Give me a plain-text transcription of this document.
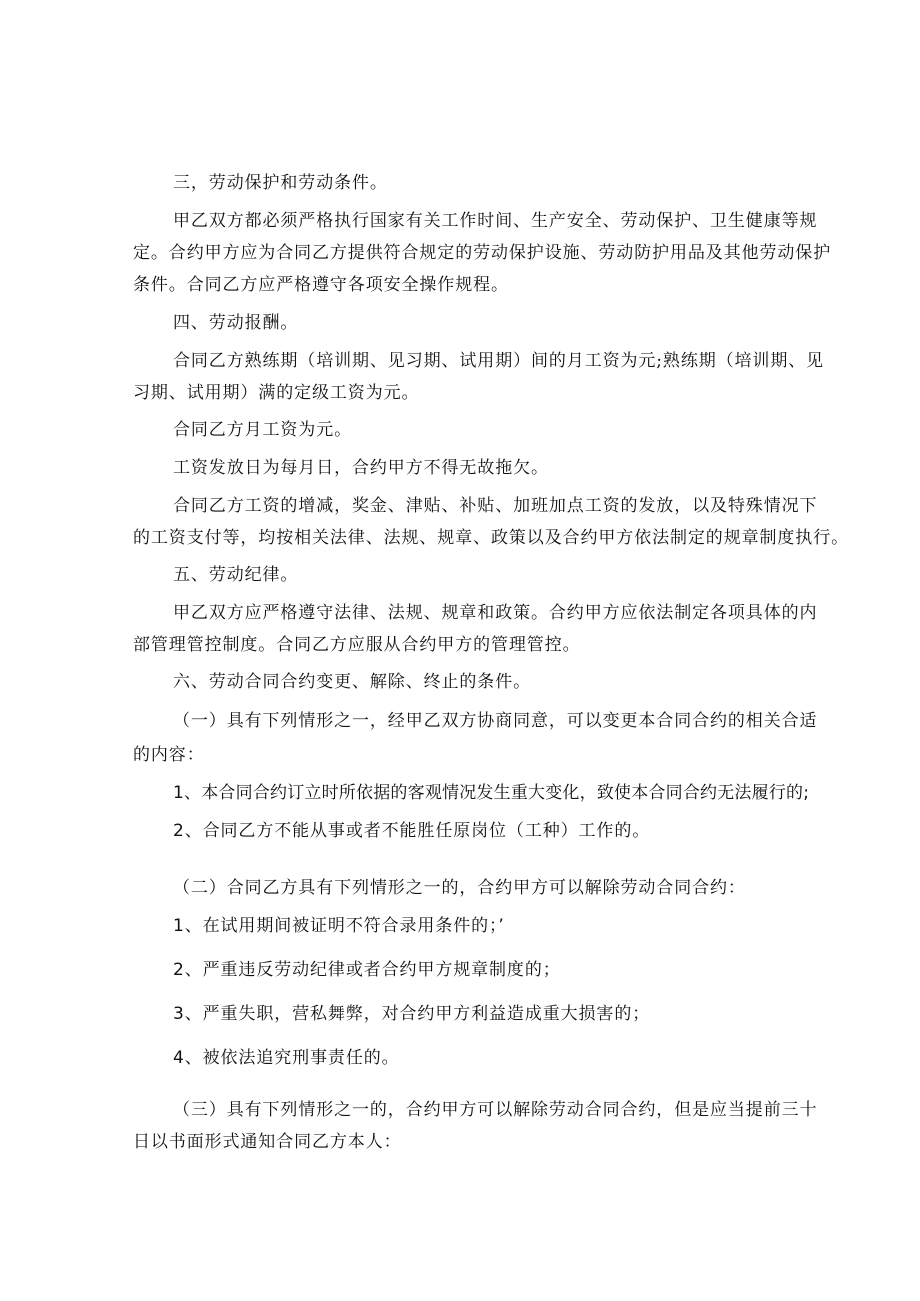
三，劳动保护和劳动条件。

甲乙双方都必须严格执行国家有关工作时间、生产安全、劳动保护、卫生健康等规

定。合约甲方应为合同乙方提供符合规定的劳动保护设施、劳动防护用品及其他劳动保护

条件。合同乙方应严格遵守各项安全操作规程。

四、劳动报酬。

合同乙方熟练期（培训期、见习期、试用期）间的月工资为元;熟练期（培训期、见

习期、试用期）满的定级工资为元。

合同乙方月工资为元。

工资发放日为每月日，合约甲方不得无故拖欠。

合同乙方工资的增减，奖金、津贴、补贴、加班加点工资的发放，以及特殊情况下

的工资支付等，均按相关法律、法规、规章、政策以及合约甲方依法制定的规章制度执行。

五、劳动纪律。

甲乙双方应严格遵守法律、法规、规章和政策。合约甲方应依法制定各项具体的内

部管理管控制度。合同乙方应服从合约甲方的管理管控。

六、劳动合同合约变更、解除、终止的条件。

（一）具有下列情形之一，经甲乙双方协商同意，可以变更本合同合约的相关合适

的内容：

1、本合同合约订立时所依据的客观情况发生重大变化，致使本合同合约无法履行的;

2、合同乙方不能从事或者不能胜任原岗位（工种）工作的。

（二）合同乙方具有下列情形之一的，合约甲方可以解除劳动合同合约：

1、在试用期间被证明不符合录用条件的；’

2、严重违反劳动纪律或者合约甲方规章制度的；

3、严重失职，营私舞弊，对合约甲方利益造成重大损害的；

4、被依法追究刑事责任的。

（三）具有下列情形之一的，合约甲方可以解除劳动合同合约，但是应当提前三十

日以书面形式通知合同乙方本人：
